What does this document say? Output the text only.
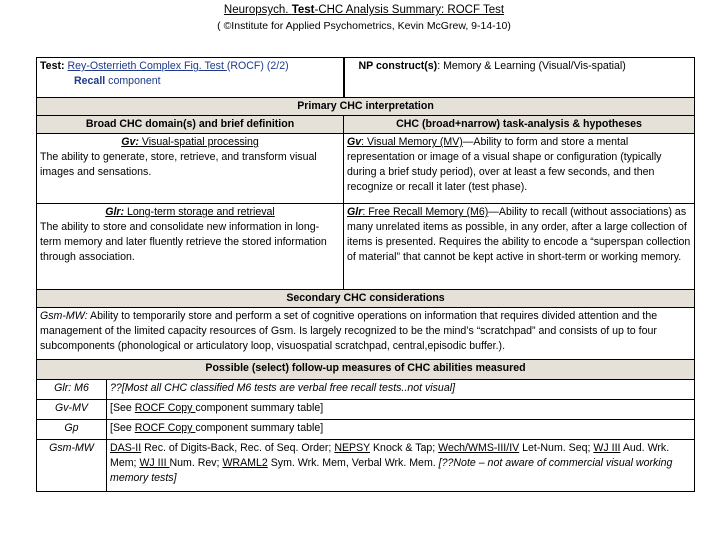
Neuropsych. Test-CHC Analysis Summary: ROCF Test
( ©Institute for Applied Psychometrics, Kevin McGrew, 9-14-10)
Test: Rey-Osterrieth Complex Fig. Test (ROCF) (2/2)
Recall component		NP construct(s): Memory & Learning (Visual/Vis-spatial)
Primary CHC interpretation		
Broad CHC domain(s) and brief definition		CHC (broad+narrow) task-analysis & hypotheses

Gv: Visual-spatial processing
The ability to generate, store, retrieve, and transform visual images and sensations.		Gv: Visual Memory (MV)—Ability to form and store a mental representation or image of a visual shape or configuration (typically during a brief study period), over at least a few seconds, and then recognize or recall it later (test phase).

Glr: Long-term storage and retrieval
The ability to store and consolidate new information in long-term memory and later fluently retrieve the stored information through association.		Glr: Free Recall Memory (M6)—Ability to recall (without associations) as many unrelated items as possible, in any order, after a large collection of items is presented. Requires the ability to encode a “superspan collection of material” that cannot be kept active in short-term or working memory.
Secondary CHC considerations		
Gsm-MW: Ability to temporarily store and perform a set of cognitive operations on information that requires divided attention and the management of the limited capacity resources of Gsm. Is largely recognized to be the mind’s “scratchpad” and consists of up to four subcomponents (phonological or articulatory loop, visuospatial scratchpad, central,episodic buffer.).		
Possible (select) follow-up measures of CHC abilities measured		
Glr: M6	??[Most all CHC classified M6 tests are verbal free recall tests..not visual]	
Gv-MV	[See ROCF Copy component summary table]	
Gp	[See ROCF Copy component summary table]	
Gsm-MW	DAS-II Rec. of Digits-Back, Rec. of Seq. Order; NEPSY Knock & Tap; Wech/WMS-III/IV Let-Num. Seq; WJ III Aud. Wrk. Mem; WJ III Num. Rev; WRAML2 Sym. Wrk. Mem, Verbal Wrk. Mem. [??Note – not aware of commercial visual working memory tests]	
